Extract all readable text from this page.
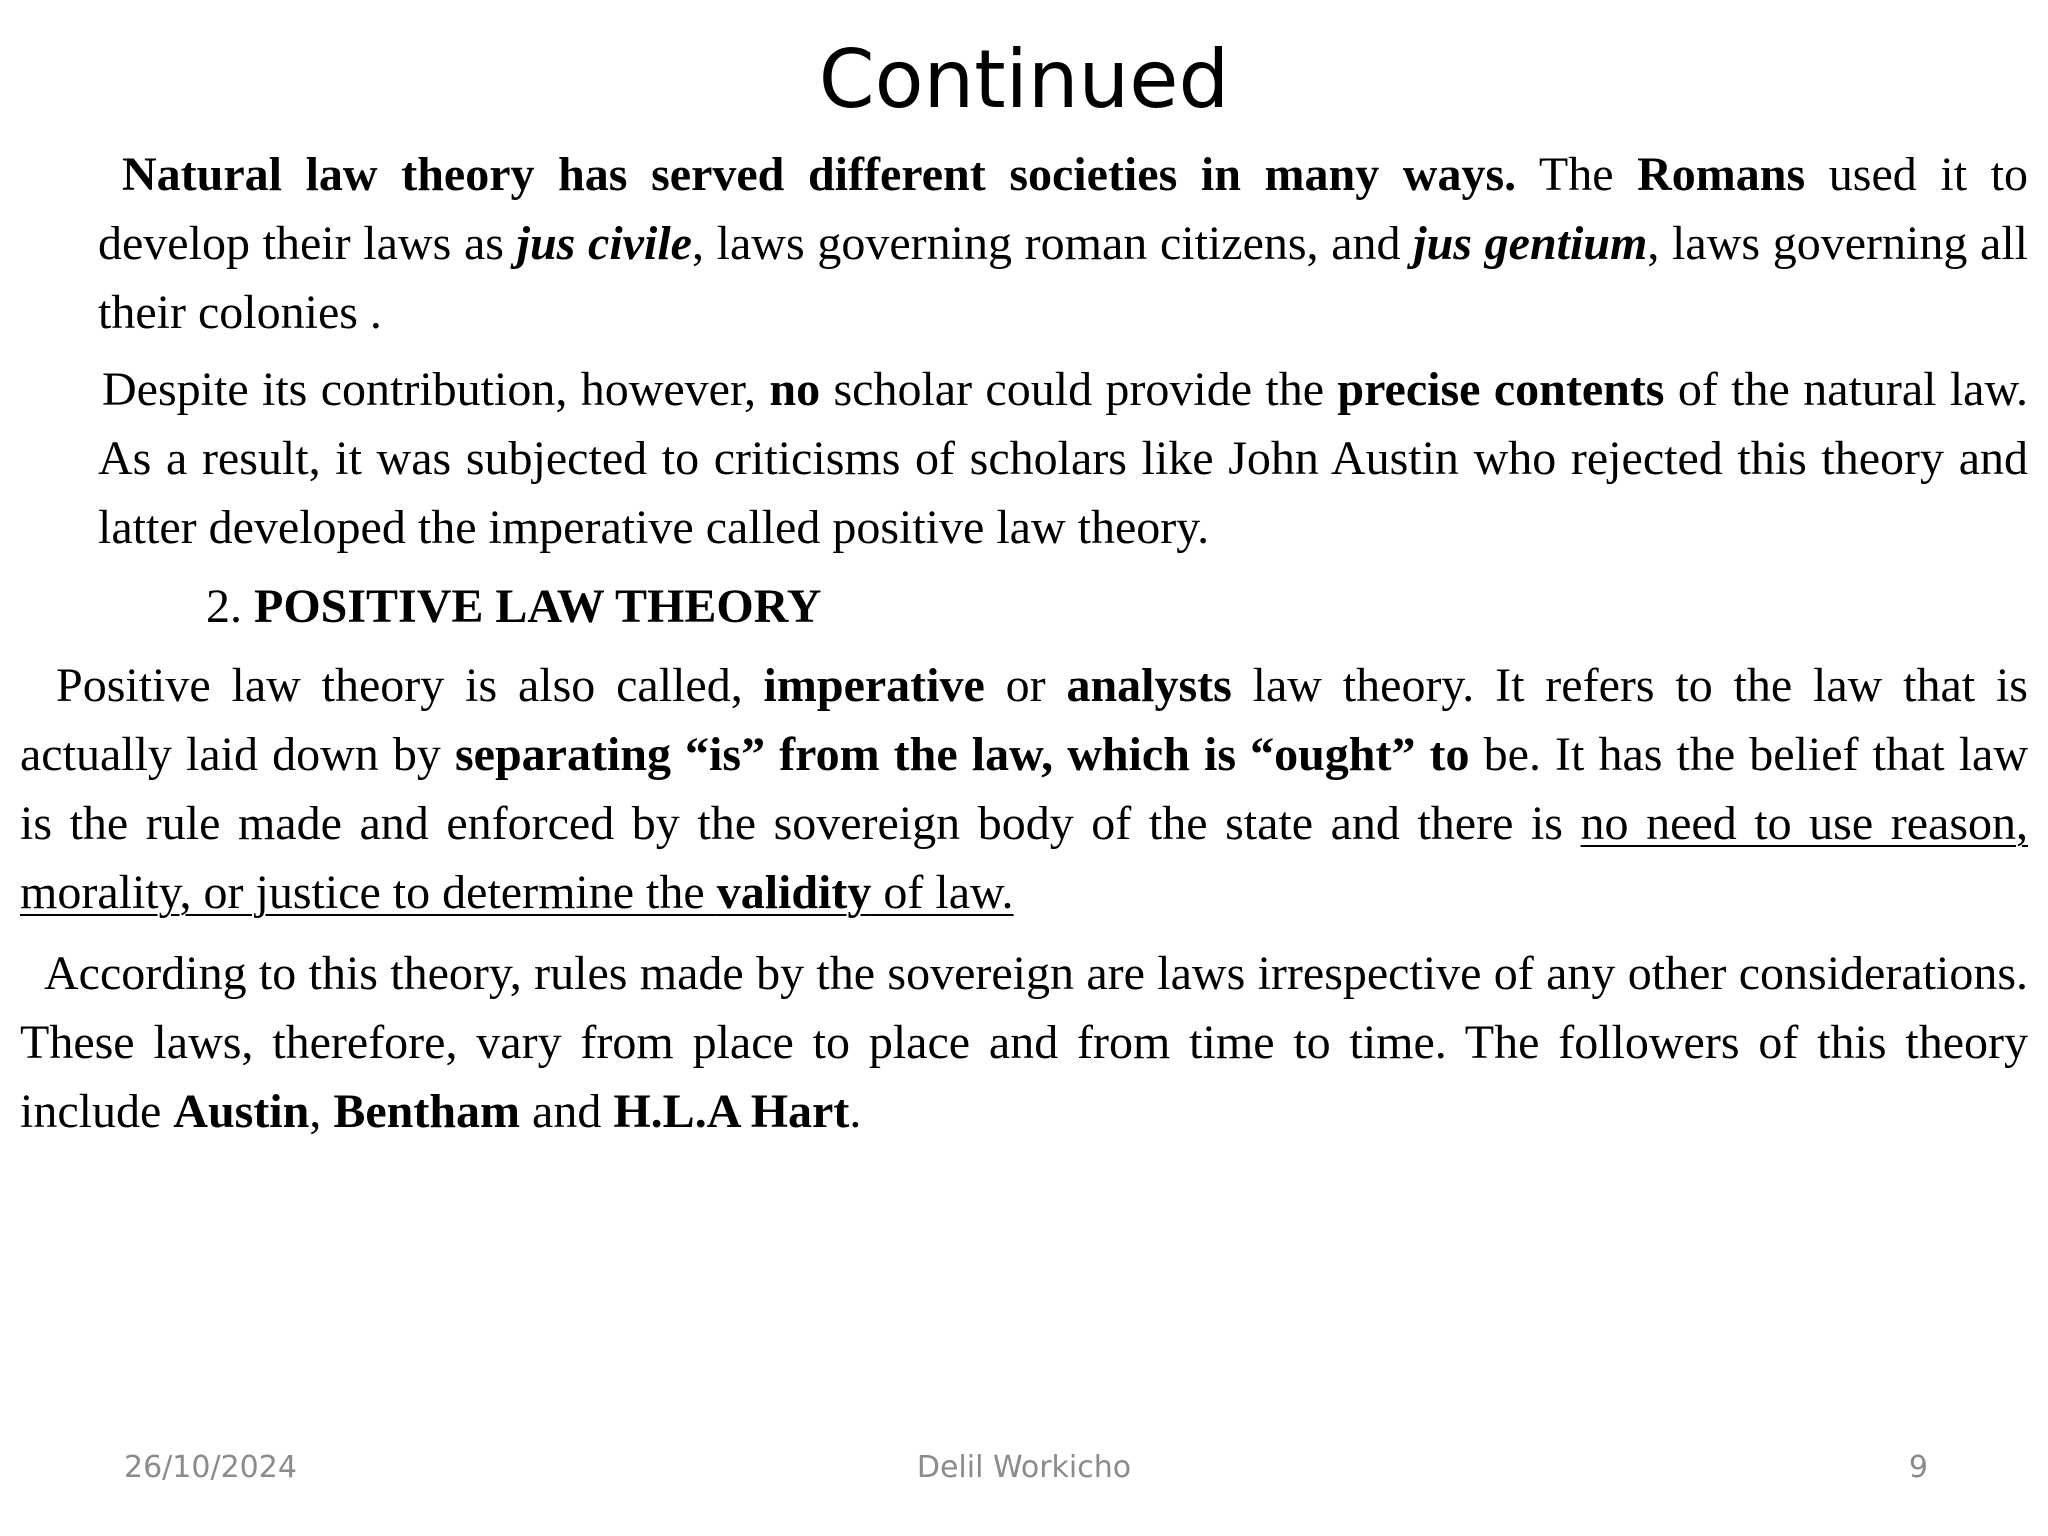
Continued

Natural law theory has served different societies in many ways. The Romans used it to develop their laws as jus civile, laws governing roman citizens, and jus gentium, laws governing all their colonies .

Despite its contribution, however, no scholar could provide the precise contents of the natural law. As a result, it was subjected to criticisms of scholars like John Austin who rejected this theory and latter developed the imperative called positive law theory.

2. POSITIVE LAW THEORY

Positive law theory is also called, imperative or analysts law theory. It refers to the law that is actually laid down by separating “is” from the law, which is “ought” to be. It has the belief that law is the rule made and enforced by the sovereign body of the state and there is no need to use reason, morality, or justice to determine the validity of law.

According to this theory, rules made by the sovereign are laws irrespective of any other considerations. These laws, therefore, vary from place to place and from time to time. The followers of this theory include Austin, Bentham and H.L.A Hart.

26/10/2024	Delil Workicho	9
